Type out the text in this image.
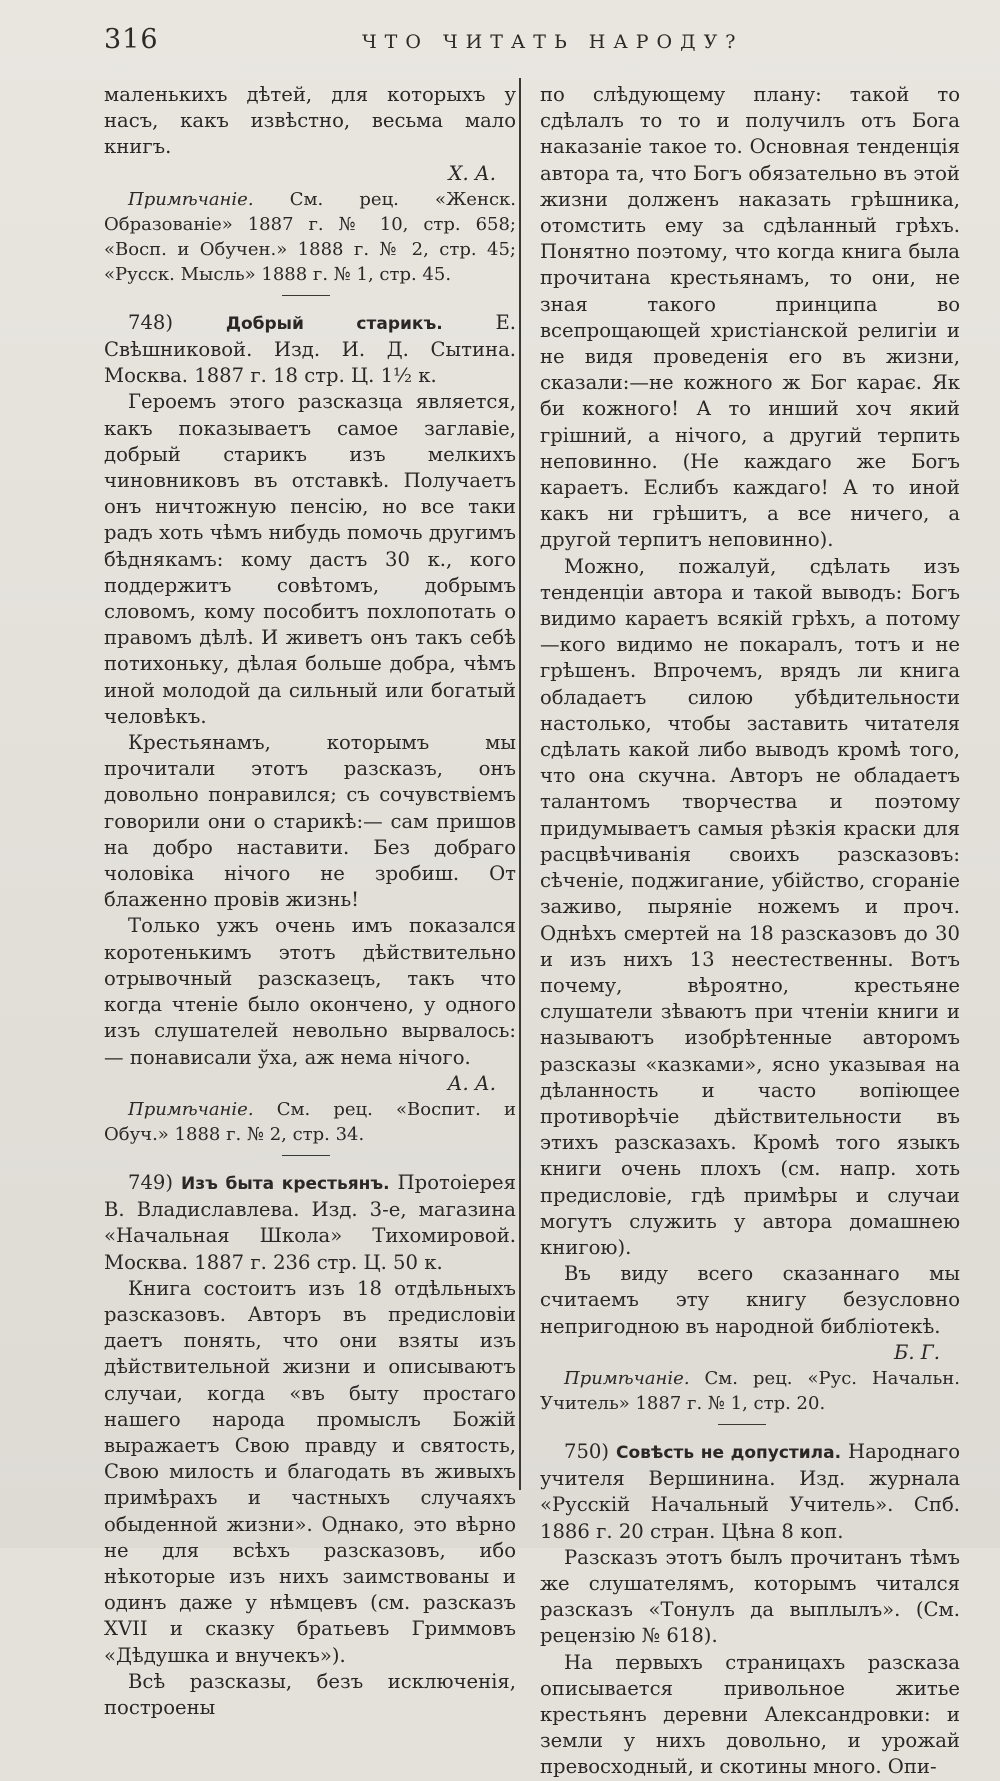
316	ЧТО ЧИТАТЬ НАРОДУ?

маленькихъ дѣтей, для которыхъ у насъ, какъ извѣстно, весьма мало книгъ.

Х. А.

Примѣчаніе. См. рец. «Женск. Образованіе» 1887 г. № 10, стр. 658; «Восп. и Обучен.» 1888 г. № 2, стр. 45; «Русск. Мысль» 1888 г. № 1, стр. 45.

748)	Добрый старикъ. Е. Свѣшниковой. Изд. И. Д. Сытина. Москва. 1887 г. 18 стр. Ц. 1½ к.

Героемъ этого разсказца является, какъ показываетъ самое заглавіе, добрый старикъ изъ мелкихъ чиновниковъ въ отставкѣ. Получаетъ онъ ничтожную пенсію, но все таки радъ хоть чѣмъ нибудь помочь другимъ бѣднякамъ: кому дастъ 30 к., кого поддержитъ совѣтомъ, добрымъ словомъ, кому пособитъ похлопотать о правомъ дѣлѣ. И живетъ онъ такъ себѣ потихоньку, дѣлая больше добра, чѣмъ иной молодой да сильный или богатый человѣкъ.

Крестьянамъ, которымъ мы прочитали этотъ разсказъ, онъ довольно понравился; съ сочувствіемъ говорили они о старикѣ:— сам пришов на добро наставити. Без добраго чоловіка нічого не зробиш. От блаженно провів жизнь!

Только ужъ очень имъ показался коротенькимъ этотъ дѣйствительно отрывочный разсказецъ, такъ что когда чтеніе было окончено, у одного изъ слушателей невольно вырвалось: — понависали ўха, аж нема нічого.

А. А.

Примѣчаніе. См. рец. «Воспит. и Обуч.» 1888 г. № 2, стр. 34.

749) Изъ быта крестьянъ. Протоіерея В. Владиславлева. Изд. 3-е, магазина «Начальная Школа» Тихомировой. Москва. 1887 г. 236 стр. Ц. 50 к.

Книга состоитъ изъ 18 отдѣльныхъ разсказовъ. Авторъ въ предисловіи даетъ понять, что они взяты изъ дѣйствительной жизни и описываютъ случаи, когда «въ быту простаго нашего народа промыслъ Божій выражаетъ Свою правду и святость, Свою милость и благодать въ живыхъ примѣрахъ и частныхъ случаяхъ обыденной жизни». Однако, это вѣрно не для всѣхъ разсказовъ, ибо нѣкоторые изъ нихъ заимствованы и одинъ даже у нѣмцевъ (см. разсказъ XVII и сказку братьевъ Гриммовъ «Дѣдушка и внучекъ»).

Всѣ разсказы, безъ исключенія, построены

по слѣдующему плану: такой то сдѣлалъ то то и получилъ отъ Бога наказаніе такое то. Основная тенденція автора та, что Богъ обязательно въ этой жизни долженъ наказать грѣшника, отомстить ему за сдѣланный грѣхъ. Понятно поэтому, что когда книга была прочитана крестьянамъ, то они, не зная такого принципа во всепрощающей христіанской религіи и не видя проведенія его въ жизни, сказали:—не кожного ж Бог карає. Як би кожного! А то инший хоч який грішний, а нічого, а другий терпить неповинно. (Не каждаго же Богъ караетъ. Еслибъ каждаго! А то иной какъ ни грѣшитъ, а все ничего, а другой терпитъ неповинно).

Можно, пожалуй, сдѣлать изъ тенденціи автора и такой выводъ: Богъ видимо караетъ всякій грѣхъ, а потому—кого видимо не покаралъ, тотъ и не грѣшенъ. Впрочемъ, врядъ ли книга обладаетъ силою убѣдительности настолько, чтобы заставить читателя сдѣлать какой либо выводъ кромѣ того, что она скучна. Авторъ не обладаетъ талантомъ творчества и поэтому придумываетъ самыя рѣзкія краски для расцвѣчиванія своихъ разсказовъ: сѣченіе, поджигание, убійство, сгораніе заживо, пырянie ножемъ и проч. Однѣхъ смертей на 18 разсказовъ до 30 и изъ нихъ 13 неестественны. Вотъ почему, вѣроятно, крестьяне слушатели зѣваютъ при чтеніи книги и называютъ изобрѣтенные авторомъ разсказы «казками», ясно указывая на дѣланность и часто вопіющее противорѣчіе дѣйствительности въ этихъ разсказахъ. Кромѣ того языкъ книги очень плохъ (см. напр. хоть предисловіе, гдѣ примѣры и случаи могутъ служить у автора домашнею книгою).

Въ виду всего сказаннаго мы считаемъ эту книгу безусловно непригодною въ народной библіотекѣ.

Б. Г.

Примѣчаніе. См. рец. «Рус. Начальн. Учитель» 1887 г. № 1, стр. 20.

750) Совѣсть не допустила. Народнаго учителя Вершинина. Изд. журнала «Русскій Начальный Учитель». Спб. 1886 г. 20 стран. Цѣна 8 коп.

Разсказъ этотъ былъ прочитанъ тѣмъ же слушателямъ, которымъ читался разсказъ «Тонулъ да выплылъ». (См. рецензію № 618).

На первыхъ страницахъ разсказа описывается привольное житье крестьянъ деревни Александровки: и земли у нихъ довольно, и урожай превосходный, и скотины много. Опи-
